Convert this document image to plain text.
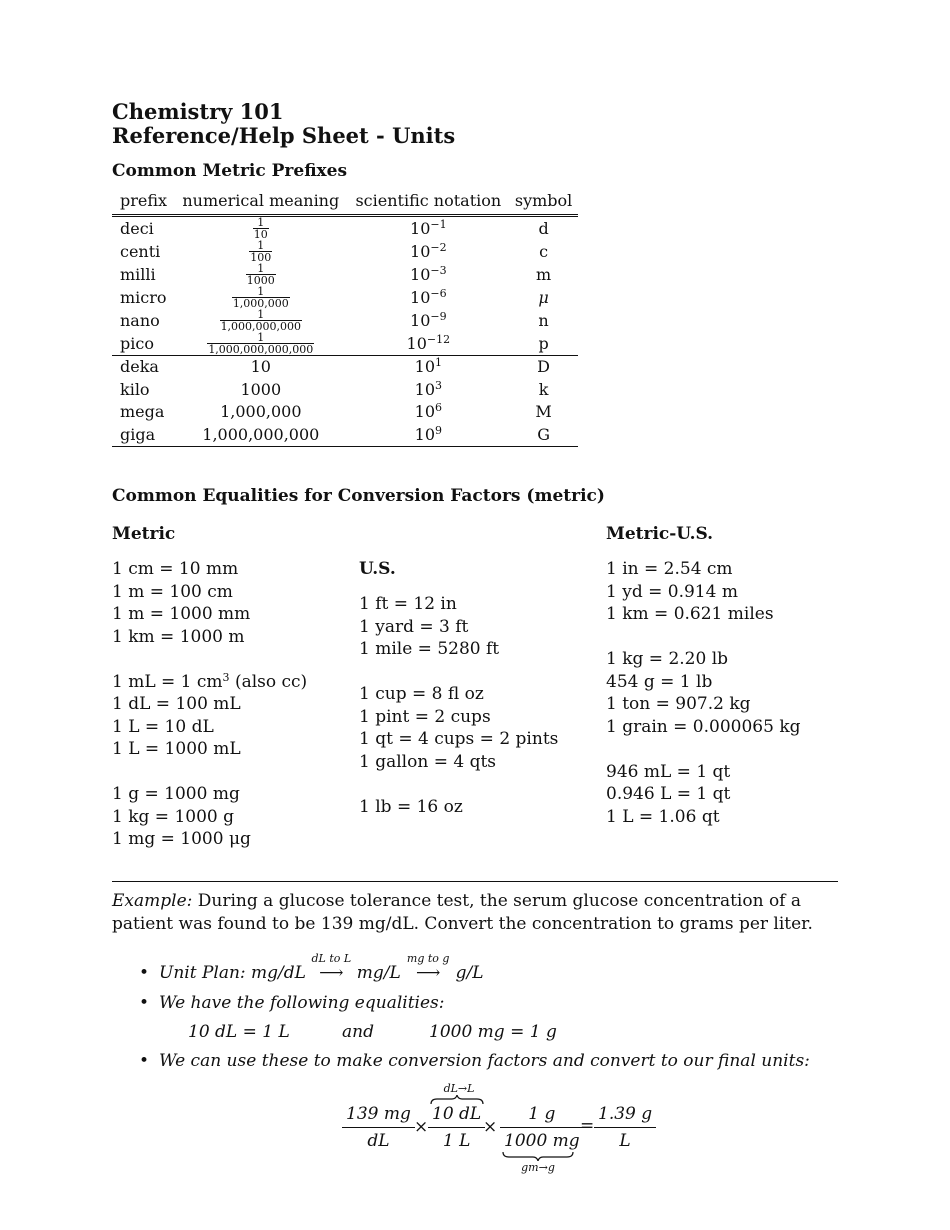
Chemistry 101
Reference/Help Sheet - Units
Common Metric Prefixes
prefix	numerical meaning	scientific notation	symbol
deci	$\frac{1}{10}$	$10^{-1}$	d
centi	$\frac{1}{100}$	$10^{-2}$	c
milli	$\frac{1}{1000}$	$10^{-3}$	m
micro	$\frac{1}{1,000,000}$	$10^{-6}$	μ
nano	$\frac{1}{1,000,000,000}$	$10^{-9}$	n
pico	$\frac{1}{1,000,000,000,000}$	$10^{-12}$	p
deka	10	$10^1$	D
kilo	1000	$10^3$	k
mega	1,000,000	$10^6$	M
giga	1,000,000,000	$10^9$	G
Common Equalities for Conversion Factors (metric)
Metric
1 cm = 10 mm
1 m = 100 cm
1 m = 1000 mm
1 km = 1000 m
1 mL = 1 $cm^3$ (also cc)
1 dL = 100 mL
1 L = 10 dL
1 L = 1000 mL
1 g = 1000 mg
1 kg = 1000 g
1 mg = 1000 μg
U.S.
1 ft = 12 in
1 yard = 3 ft
1 mile = 5280 ft
1 cup = 8 fl oz
1 pint = 2 cups
1 qt = 4 cups = 2 pints
1 gallon = 4 qts
1 lb = 16 oz
Metric-U.S.
1 in = 2.54 cm
1 yd = 0.914 m
1 km = 0.621 miles
1 kg = 2.20 lb
454 g = 1 lb
1 ton = 907.2 kg
1 grain = 0.000065 kg
946 mL = 1 qt
0.946 L = 1 qt
1 L = 1.06 qt
Example: During a glucose tolerance test, the serum glucose concentration of a patient was found to be 139 mg/dL. Convert the concentration to grams per liter.
• Unit Plan: mg/dL
dL to L
⟶ mg/L
mg to g
⟶ g/L
• We have the following equalities:
10 dL = 1 L	and	1000 mg = 1 g
• We can use these to make conversion factors and convert to our final units:
$\frac{139 mg}{dL}$ ×
dL→L
$\frac{10 dL}{1 L}$
× $\frac{1 g}{1000 mg}$
gm→g
= $\frac{1.39 g}{L}$
